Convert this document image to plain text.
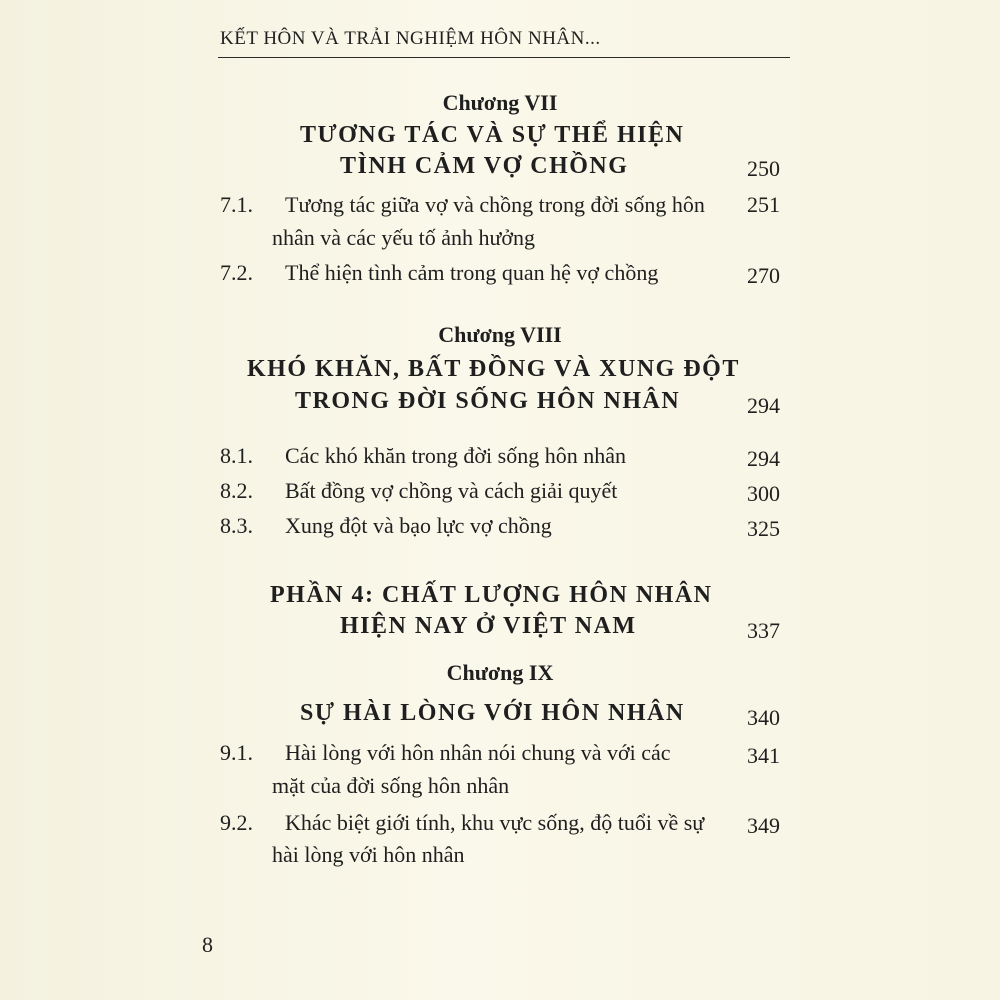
KẾT HÔN VÀ TRẢI NGHIỆM HÔN NHÂN...
Chương VII
TƯƠNG TÁC VÀ SỰ THỂ HIỆN
TÌNH CẢM VỢ CHỒNG	250
7.1. Tương tác giữa vợ và chồng trong đời sống hôn	251
nhân và các yếu tố ảnh hưởng
7.2. Thể hiện tình cảm trong quan hệ vợ chồng	270
Chương VIII
KHÓ KHĂN, BẤT ĐỒNG VÀ XUNG ĐỘT
TRONG ĐỜI SỐNG HÔN NHÂN	294
8.1. Các khó khăn trong đời sống hôn nhân	294
8.2. Bất đồng vợ chồng và cách giải quyết	300
8.3. Xung đột và bạo lực vợ chồng	325
PHẦN 4: CHẤT LƯỢNG HÔN NHÂN
HIỆN NAY Ở VIỆT NAM	337
Chương IX
SỰ HÀI LÒNG VỚI HÔN NHÂN	340
9.1. Hài lòng với hôn nhân nói chung và với các	341
mặt của đời sống hôn nhân
9.2. Khác biệt giới tính, khu vực sống, độ tuổi về sự	349
hài lòng với hôn nhân
8
